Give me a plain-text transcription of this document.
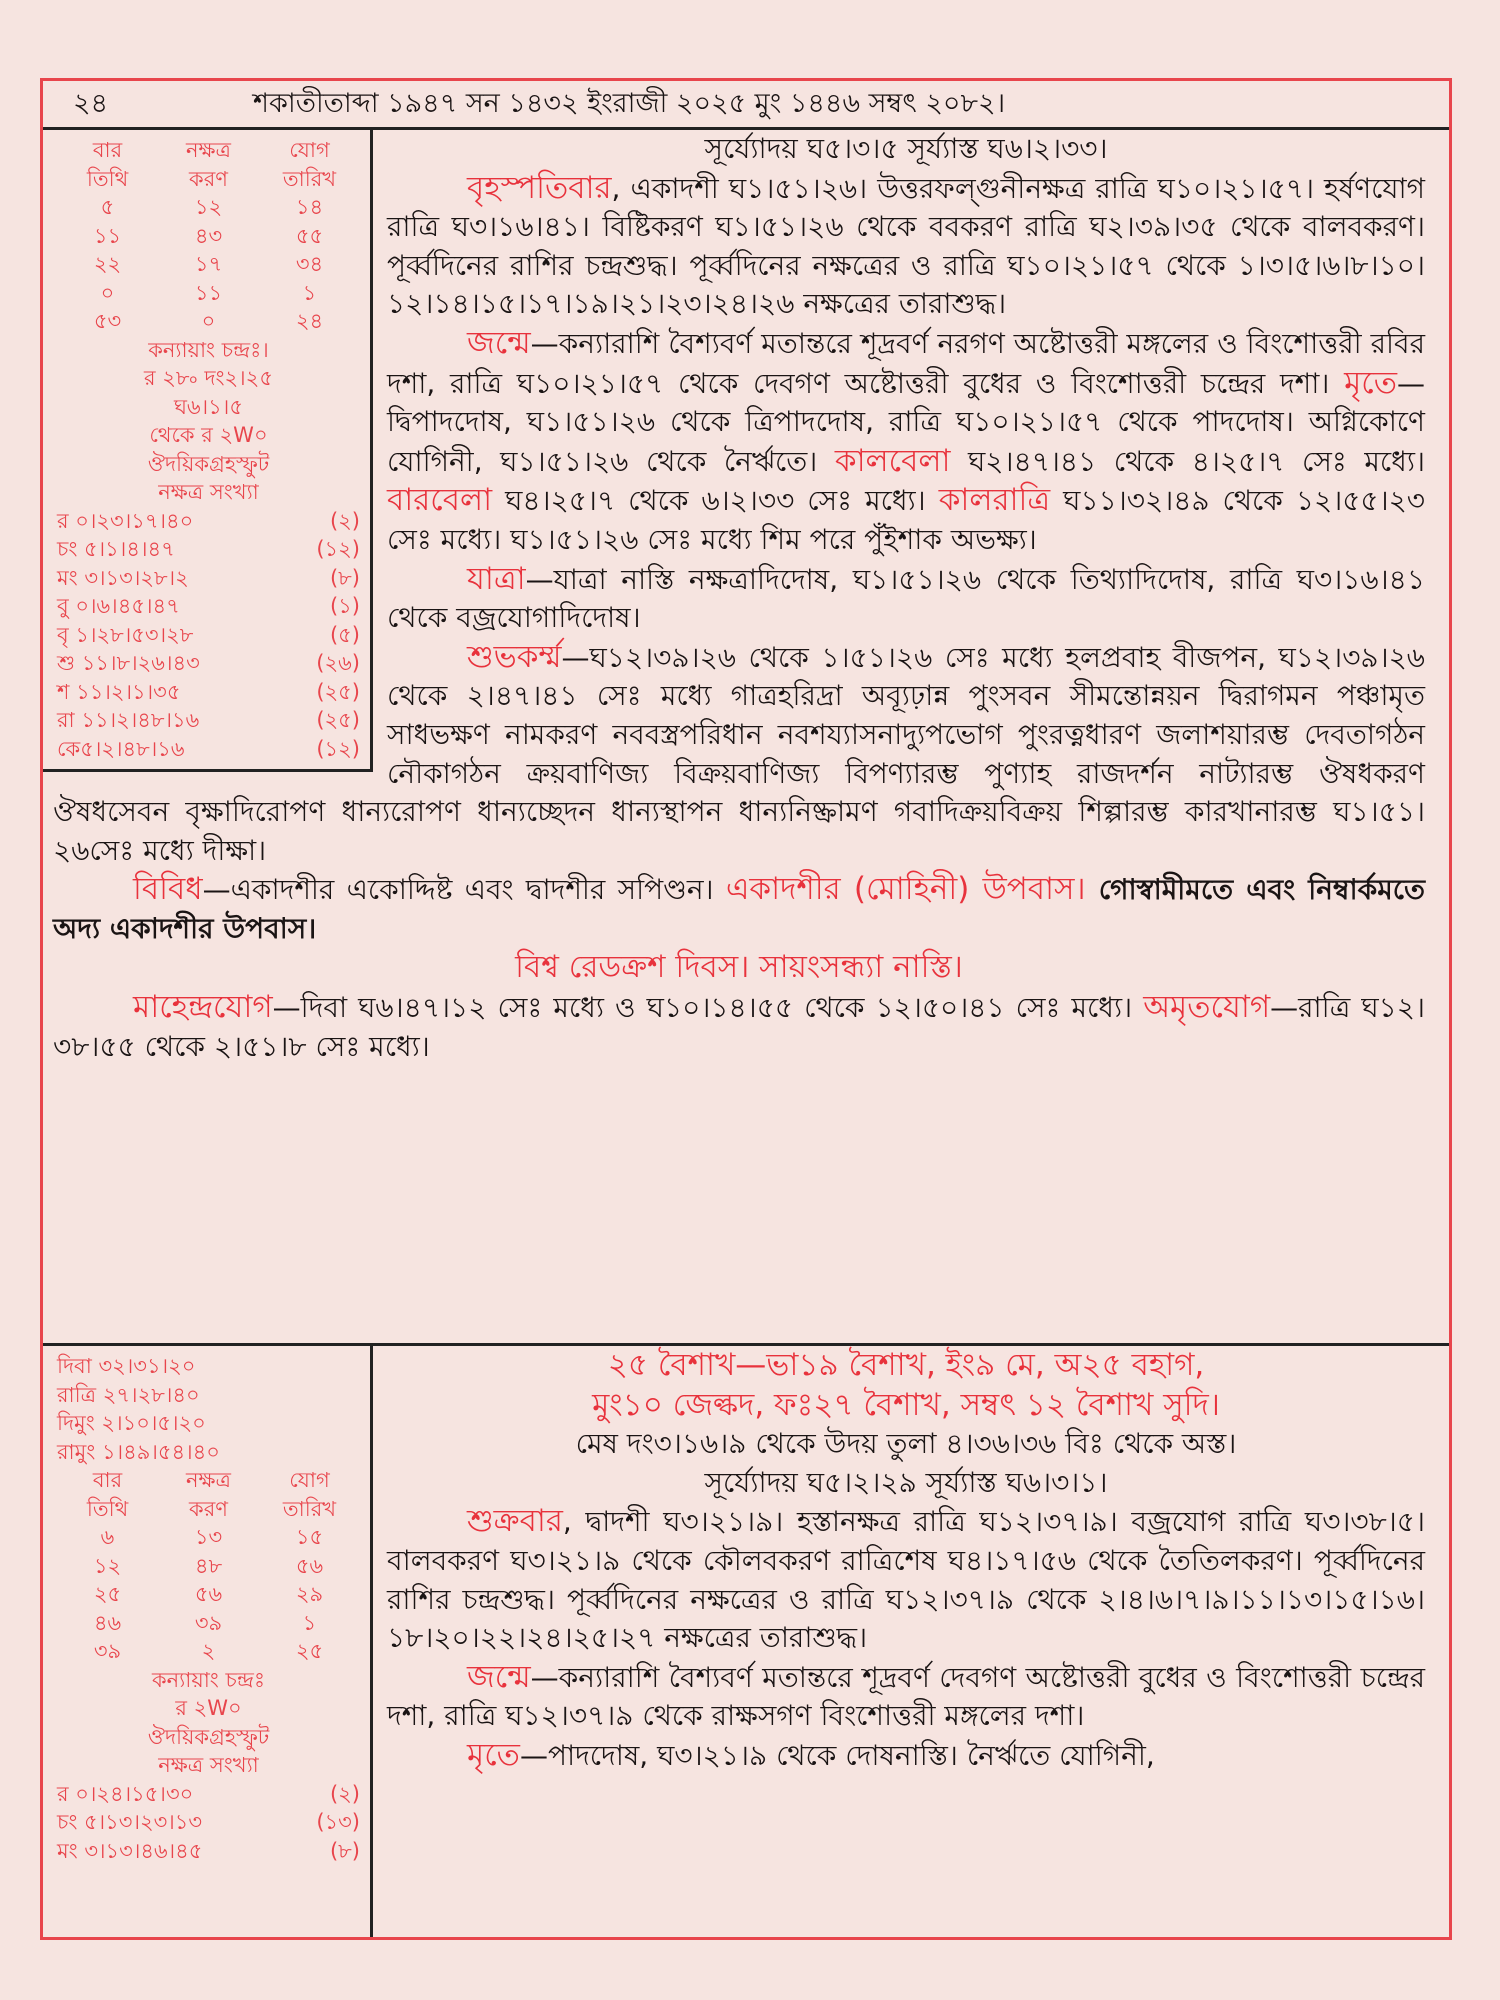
২৪	শকাতীতাব্দা ১৯৪৭ সন ১৪৩২ ইংরাজী ২০২৫ মুং ১৪৪৬ সম্বৎ ২০৮২।
বার	নক্ষত্র	যোগ
তিথি	করণ	তারিখ
৫	১২	১৪
১১	৪৩	৫৫
২২	১৭	৩৪
০	১১	১
৫৩	০	২৪
কন্যায়াং চন্দ্রঃ।
র ২৮৹ দং২।২৫
ঘ৬।১।৫
থেকে র ২W০
ঔদয়িকগ্রহস্ফুট
নক্ষত্র সংখ্যা
র ০।২৩।১৭।৪০	(২)
চং ৫।১।৪।৪৭	(১২)
মং ৩।১৩।২৮।২	(৮)
বু ০।৬।৪৫।৪৭	(১)
বৃ ১।২৮।৫৩।২৮	(৫)
শু ১১।৮।২৬।৪৩	(২৬)
শ ১১।২।১।৩৫	(২৫)
রা ১১।২।৪৮।১৬	(২৫)
কে৫।২।৪৮।১৬	(১২)

সূর্য্যোদয় ঘ৫।৩।৫ সূর্য্যাস্ত ঘ৬।২।৩৩।

বৃহস্পতিবার, একাদশী ঘ১।৫১।২৬। উত্তরফল্গুনীনক্ষত্র রাত্রি ঘ১০।২১।৫৭। হর্ষণযোগ রাত্রি ঘ৩।১৬।৪১। বিষ্টিকরণ ঘ১।৫১।২৬ থেকে ববকরণ রাত্রি ঘ২।৩৯।৩৫ থেকে বালবকরণ। পূর্ব্বদিনের রাশির চন্দ্রশুদ্ধ। পূর্ব্বদিনের নক্ষত্রের ও রাত্রি ঘ১০।২১।৫৭ থেকে ১।৩।৫।৬।৮।১০।১২।১৪।১৫।১৭।১৯।২১।২৩।২৪।২৬ নক্ষত্রের তারাশুদ্ধ।

জন্মে—কন্যারাশি বৈশ্যবর্ণ মতান্তরে শূদ্রবর্ণ নরগণ অষ্টোত্তরী মঙ্গলের ও বিংশোত্তরী রবির দশা, রাত্রি ঘ১০।২১।৫৭ থেকে দেবগণ অষ্টোত্তরী বুধের ও বিংশোত্তরী চন্দ্রের দশা। মৃতে—দ্বিপাদদোষ, ঘ১।৫১।২৬ থেকে ত্রিপাদদোষ, রাত্রি ঘ১০।২১।৫৭ থেকে পাদদোষ। অগ্নিকোণে যোগিনী, ঘ১।৫১।২৬ থেকে নৈর্ঋতে। কালবেলা ঘ২।৪৭।৪১ থেকে ৪।২৫।৭ সেঃ মধ্যে। বারবেলা ঘ৪।২৫।৭ থেকে ৬।২।৩৩ সেঃ মধ্যে। কালরাত্রি ঘ১১।৩২।৪৯ থেকে ১২।৫৫।২৩ সেঃ মধ্যে। ঘ১।৫১।২৬ সেঃ মধ্যে শিম পরে পুঁইশাক অভক্ষ্য।

যাত্রা—যাত্রা নাস্তি নক্ষত্রাদিদোষ, ঘ১।৫১।২৬ থেকে তিথ্যাদিদোষ, রাত্রি ঘ৩।১৬।৪১ থেকে বজ্রযোগাদিদোষ।

শুভকর্ম্ম—ঘ১২।৩৯।২৬ থেকে ১।৫১।২৬ সেঃ মধ্যে হলপ্রবাহ বীজপন, ঘ১২।৩৯।২৬ থেকে ২।৪৭।৪১ সেঃ মধ্যে গাত্রহরিদ্রা অব্যূঢ়ান্ন পুংসবন সীমন্তোন্নয়ন দ্বিরাগমন পঞ্চামৃত সাধভক্ষণ নামকরণ নববস্ত্রপরিধান নবশয্যাসনাদ্যুপভোগ পুংরত্নধারণ জলাশয়ারম্ভ দেবতাগঠন নৌকাগঠন ক্রয়বাণিজ্য বিক্রয়বাণিজ্য বিপণ্যারম্ভ পুণ্যাহ রাজদর্শন নাট্যারম্ভ ঔষধকরণ ঔষধসেবন বৃক্ষাদিরোপণ ধান্যরোপণ ধান্যচ্ছেদন ধান্যস্থাপন ধান্যনিষ্ক্রামণ গবাদিক্রয়বিক্রয় শিল্পারম্ভ কারখানারম্ভ ঘ১।৫১।২৬সেঃ মধ্যে দীক্ষা।

বিবিধ—একাদশীর একোদ্দিষ্ট এবং দ্বাদশীর সপিণ্ডন। একাদশীর (মোহিনী) উপবাস। গোস্বামীমতে এবং নিম্বার্কমতে অদ্য একাদশীর উপবাস।

বিশ্ব রেডক্রশ দিবস। সায়ংসন্ধ্যা নাস্তি।

মাহেন্দ্রযোগ—দিবা ঘ৬।৪৭।১২ সেঃ মধ্যে ও ঘ১০।১৪।৫৫ থেকে ১২।৫০।৪১ সেঃ মধ্যে। অমৃতযোগ—রাত্রি ঘ১২।৩৮।৫৫ থেকে ২।৫১।৮ সেঃ মধ্যে।

দিবা ৩২।৩১।২০
রাত্রি ২৭।২৮।৪০
দিমুং ২।১০।৫।২০
রামুং ১।৪৯।৫৪।৪০
বার	নক্ষত্র	যোগ
তিথি	করণ	তারিখ
৬	১৩	১৫
১২	৪৮	৫৬
২৫	৫৬	২৯
৪৬	৩৯	১
৩৯	২	২৫
কন্যায়াং চন্দ্রঃ
র ২W০
ঔদয়িকগ্রহস্ফুট
নক্ষত্র সংখ্যা
র ০।২৪।১৫।৩০	(২)
চং ৫।১৩।২৩।১৩	(১৩)
মং ৩।১৩।৪৬।৪৫	(৮)

২৫ বৈশাখ—ভা১৯ বৈশাখ, ইং৯ মে, অ২৫ বহাগ,

মুং১০ জেল্কদ, ফঃ২৭ বৈশাখ, সম্বৎ ১২ বৈশাখ সুদি।

মেষ দং৩।১৬।৯ থেকে উদয় তুলা ৪।৩৬।৩৬ বিঃ থেকে অস্ত।

সূর্য্যোদয় ঘ৫।২।২৯ সূর্য্যাস্ত ঘ৬।৩।১।

শুক্রবার, দ্বাদশী ঘ৩।২১।৯। হস্তানক্ষত্র রাত্রি ঘ১২।৩৭।৯। বজ্রযোগ রাত্রি ঘ৩।৩৮।৫। বালবকরণ ঘ৩।২১।৯ থেকে কৌলবকরণ রাত্রিশেষ ঘ৪।১৭।৫৬ থেকে তৈতিলকরণ। পূর্ব্বদিনের রাশির চন্দ্রশুদ্ধ। পূর্ব্বদিনের নক্ষত্রের ও রাত্রি ঘ১২।৩৭।৯ থেকে ২।৪।৬।৭।৯।১১।১৩।১৫।১৬।১৮।২০।২২।২৪।২৫।২৭ নক্ষত্রের তারাশুদ্ধ।

জন্মে—কন্যারাশি বৈশ্যবর্ণ মতান্তরে শূদ্রবর্ণ দেবগণ অষ্টোত্তরী বুধের ও বিংশোত্তরী চন্দ্রের দশা, রাত্রি ঘ১২।৩৭।৯ থেকে রাক্ষসগণ বিংশোত্তরী মঙ্গলের দশা।

মৃতে—পাদদোষ, ঘ৩।২১।৯ থেকে দোষনাস্তি। নৈর্ঋতে যোগিনী,
